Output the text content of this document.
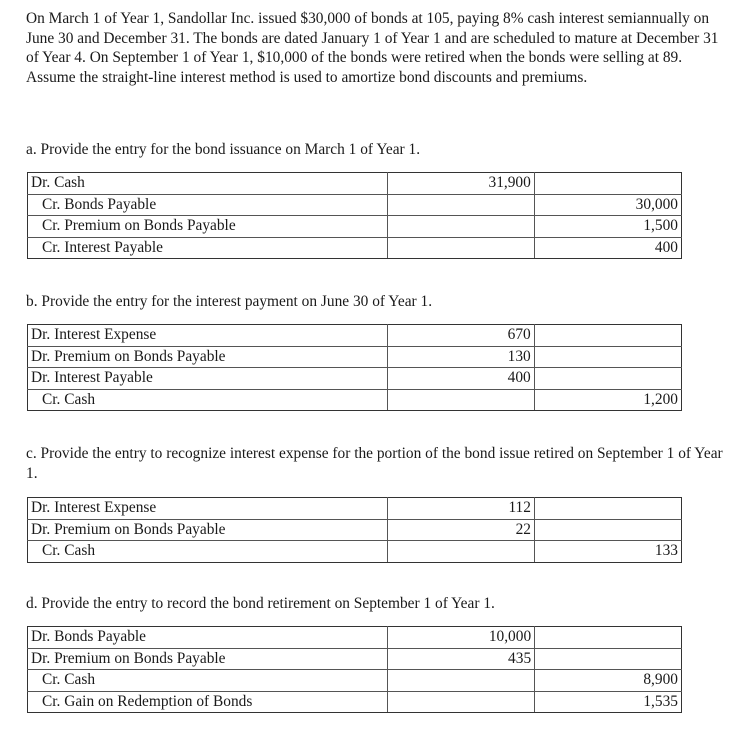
On March 1 of Year 1, Sandollar Inc. issued $30,000 of bonds at 105, paying 8% cash interest semiannually on June 30 and December 31. The bonds are dated January 1 of Year 1 and are scheduled to mature at December 31 of Year 4. On September 1 of Year 1, $10,000 of the bonds were retired when the bonds were selling at 89. Assume the straight-line interest method is used to amortize bond discounts and premiums.

a. Provide the entry for the bond issuance on March 1 of Year 1.

Dr. Cash	31,900	
Cr. Bonds Payable		30,000
Cr. Premium on Bonds Payable		1,500
Cr. Interest Payable		400

b. Provide the entry for the interest payment on June 30 of Year 1.

Dr. Interest Expense	670	
Dr. Premium on Bonds Payable	130	
Dr. Interest Payable	400	
Cr. Cash		1,200

c. Provide the entry to recognize interest expense for the portion of the bond issue retired on September 1 of Year 1.

Dr. Interest Expense	112	
Dr. Premium on Bonds Payable	22	
Cr. Cash		133

d. Provide the entry to record the bond retirement on September 1 of Year 1.

Dr. Bonds Payable	10,000	
Dr. Premium on Bonds Payable	435	
Cr. Cash		8,900
Cr. Gain on Redemption of Bonds		1,535
